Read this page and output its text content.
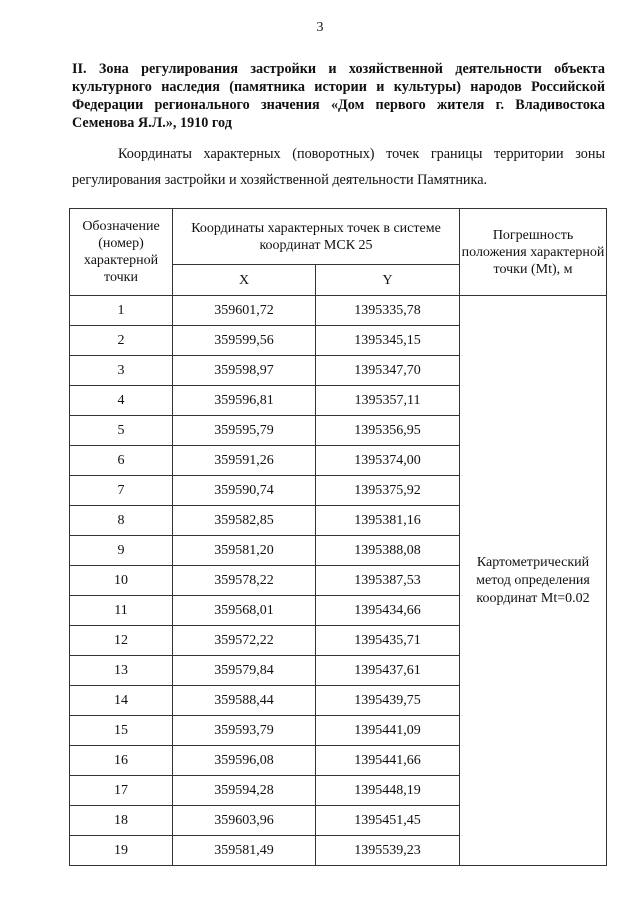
3
II. Зона регулирования застройки и хозяйственной деятельности объекта культурного наследия (памятника истории и культуры) народов Российской Федерации регионального значения «Дом первого жителя г. Владивостока Семенова Я.Л.», 1910 год
Координаты характерных (поворотных) точек границы территории зоны регулирования застройки и хозяйственной деятельности Памятника.
Обозначение (номер) характерной точки	Координаты характерных точек в системе координат МСК 25		Погрешность положения характерной точки (Mt), м
	X	Y	
1	359601,72	1395335,78	Картометрический метод определения координат Mt=0.02
2	359599,56	1395345,15	
3	359598,97	1395347,70	
4	359596,81	1395357,11	
5	359595,79	1395356,95	
6	359591,26	1395374,00	
7	359590,74	1395375,92	
8	359582,85	1395381,16	
9	359581,20	1395388,08	
10	359578,22	1395387,53	
11	359568,01	1395434,66	
12	359572,22	1395435,71	
13	359579,84	1395437,61	
14	359588,44	1395439,75	
15	359593,79	1395441,09	
16	359596,08	1395441,66	
17	359594,28	1395448,19	
18	359603,96	1395451,45	
19	359581,49	1395539,23	
